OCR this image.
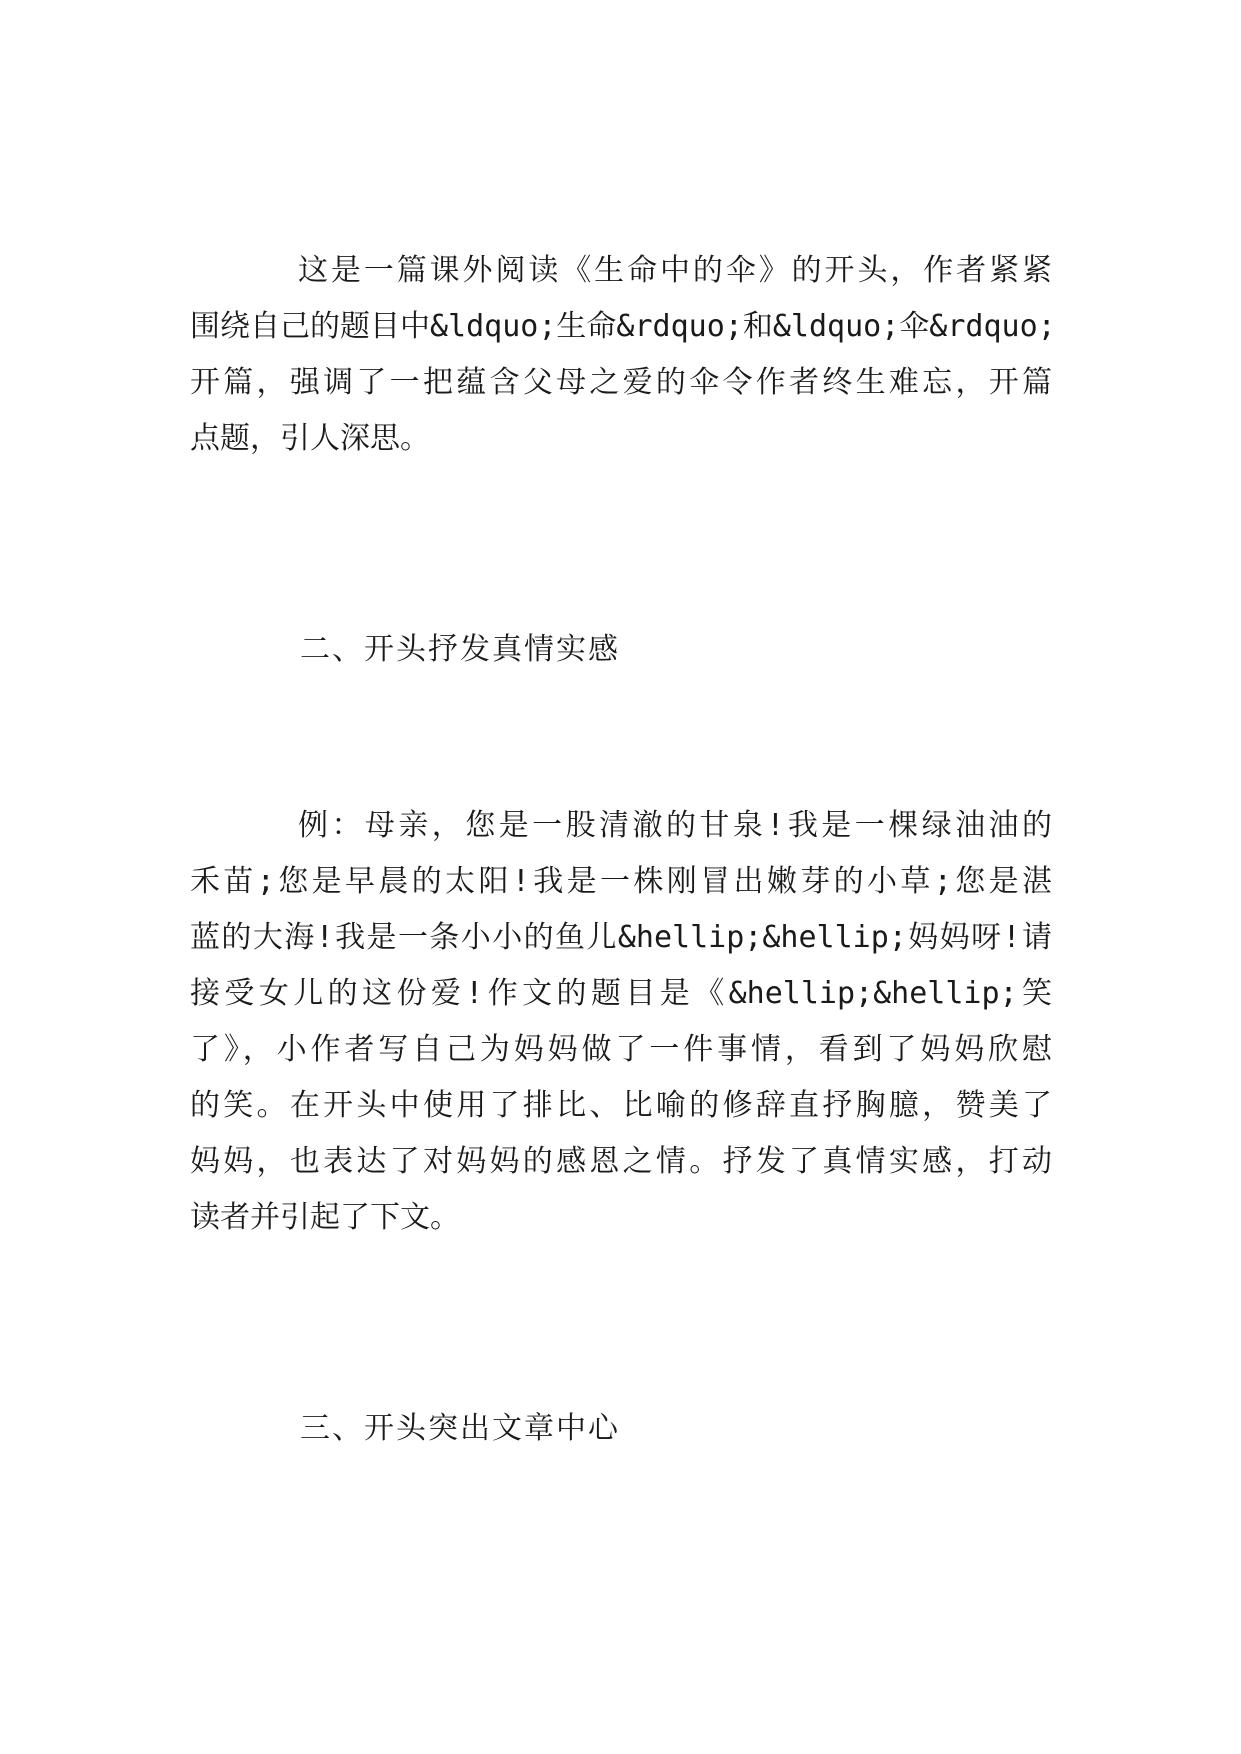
这是一篇课外阅读《生命中的伞》的开头，作者紧紧
围绕自己的题目中&ldquo;生命&rdquo;和&ldquo;伞&rdquo;
开篇，强调了一把蕴含父母之爱的伞令作者终生难忘，开篇
点题，引人深思。
二、开头抒发真情实感
例：母亲，您是一股清澈的甘泉!我是一棵绿油油的
禾苗;您是早晨的太阳!我是一株刚冒出嫩芽的小草;您是湛
蓝的大海!我是一条小小的鱼儿&hellip;&hellip;妈妈呀!请
接受女儿的这份爱!作文的题目是《&hellip;&hellip;笑
了》，小作者写自己为妈妈做了一件事情，看到了妈妈欣慰
的笑。在开头中使用了排比、比喻的修辞直抒胸臆，赞美了
妈妈，也表达了对妈妈的感恩之情。抒发了真情实感，打动
读者并引起了下文。
三、开头突出文章中心
